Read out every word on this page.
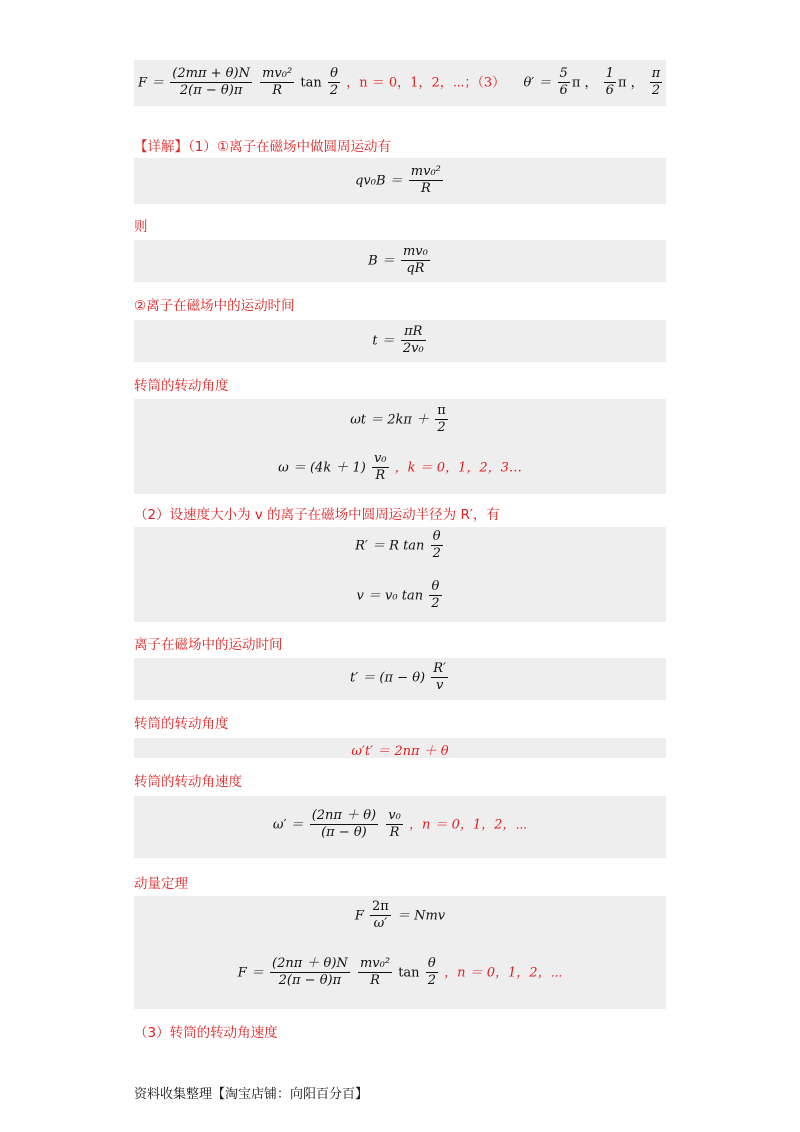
$F = \frac{(2m\pi + \theta)N}{2(\pi - \theta)\pi}$
$\frac{\text{mv₀²}}{R}$ $\tan \frac{\theta}{2}$ ，n ＝ 0，1，2，⋯；（3） $\theta' = \frac{5}{6}$ π ， $\frac{1}{6}$ π ， $\frac{\pi}{2}$
【详解】（1）①离子在磁场中做圆周运动有
$qv_0B = \frac{\text{mv₀²}}{R}$
则
$B = \frac{\text{mv₀}}{qR}$
②离子在磁场中的运动时间
$t = \frac{\pi R}{\text{2v₀}}$
转筒的转动角度
$\omega t = 2k\pi + \frac{\pi}{2}$
$\omega = (4k + 1) \frac{\text{v₀}}{R}$ ，k ＝ 0，1，2，3…
（2）设速度大小为 v 的离子在磁场中圆周运动半径为 R′，有
R′ ＝ R $\tan \frac{\theta}{2}$
v ＝ v₀ $\tan \frac{\theta}{2}$
离子在磁场中的运动时间
$t' = (\pi - \theta) \frac{R'}{v}$
转筒的转动角度
ω′t′ ＝ 2nπ ＋ θ
转筒的转动角速度
$\omega' = \frac{(2n\pi + \theta)}{(\pi - \theta)}$
$\frac{\text{v₀}}{R}$ ，n ＝ 0，1，2，⋯
动量定理
F $\frac{2\pi}{\omega'}$ ＝ Nmv
$F = \frac{(2n\pi + \theta)N}{2(\pi - \theta)\pi}$
$\frac{\text{mv₀²}}{R}$ $\tan \frac{\theta}{2}$ ，n ＝ 0，1，2，⋯
（3）转筒的转动角速度
资料收集整理【淘宝店铺：向阳百分百】
